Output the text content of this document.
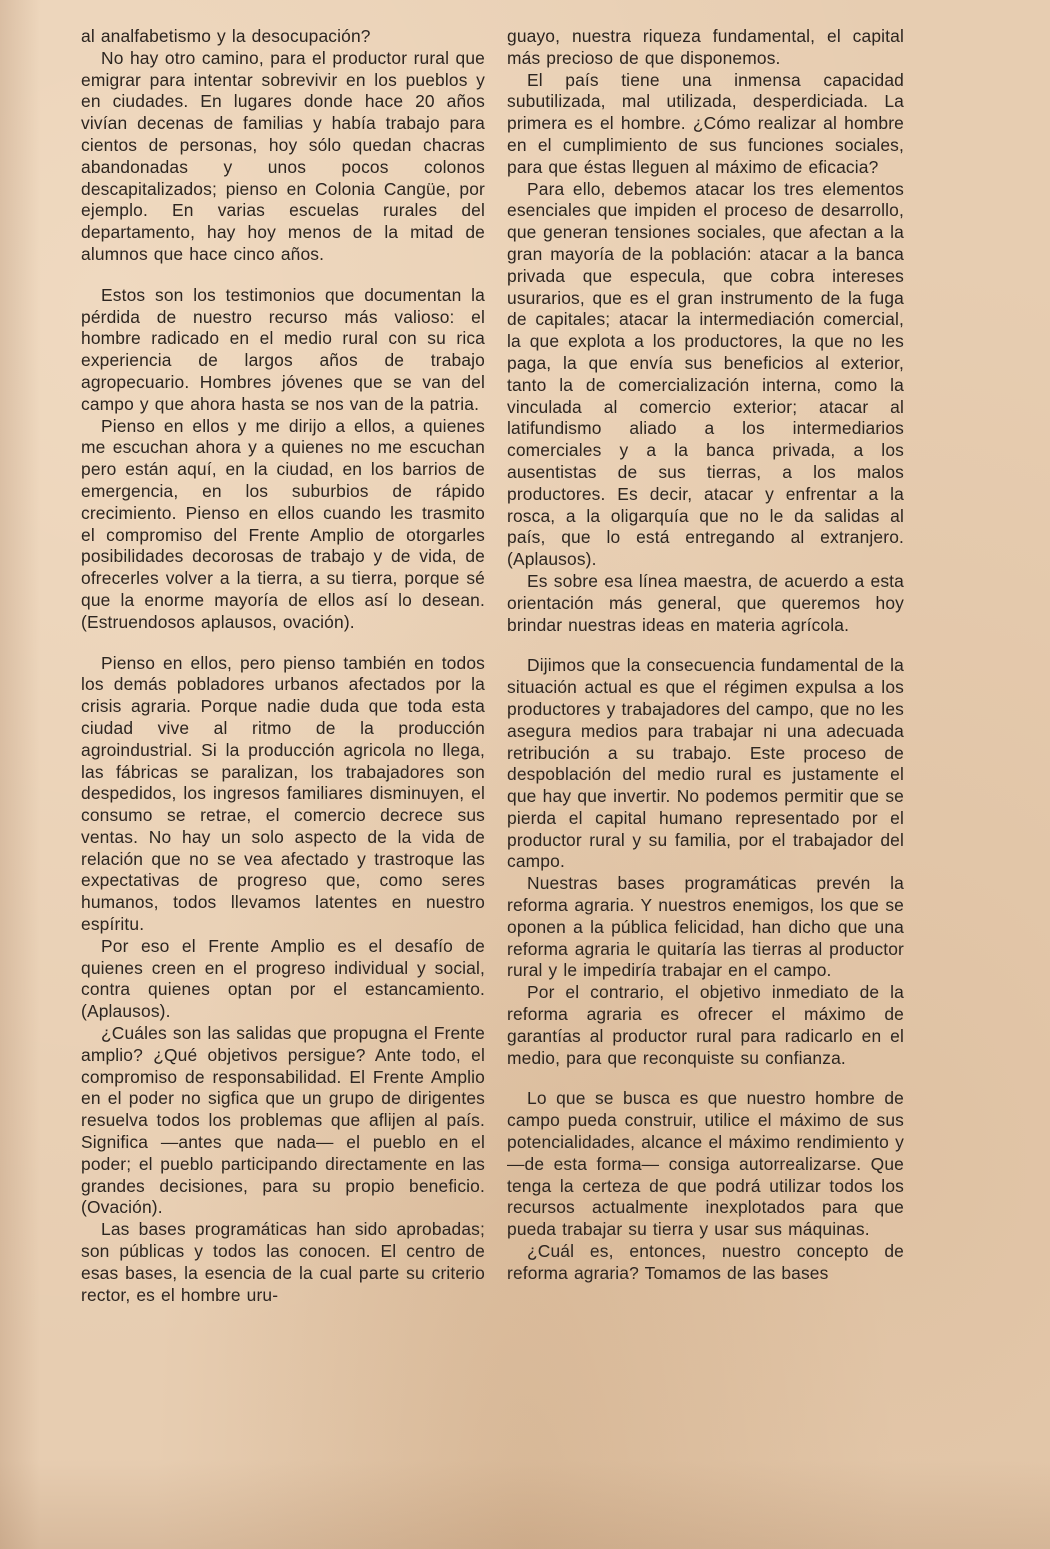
al analfabetismo y la desocupación?

No hay otro camino, para el productor rural que emigrar para intentar sobrevivir en los pueblos y en ciudades. En lugares donde hace 20 años vivían decenas de familias y había trabajo para cientos de personas, hoy sólo quedan chacras abandonadas y unos pocos colonos descapitalizados; pienso en Colonia Cangüe, por ejemplo. En varias escuelas rurales del departamento, hay hoy menos de la mitad de alumnos que hace cinco años.

Estos son los testimonios que documentan la pérdida de nuestro recurso más valioso: el hombre radicado en el medio rural con su rica experiencia de largos años de trabajo agropecuario. Hombres jóvenes que se van del campo y que ahora hasta se nos van de la patria.

Pienso en ellos y me dirijo a ellos, a quienes me escuchan ahora y a quienes no me escuchan pero están aquí, en la ciudad, en los barrios de emergencia, en los suburbios de rápido crecimiento. Pienso en ellos cuando les trasmito el compromiso del Frente Amplio de otorgarles posibilidades decorosas de trabajo y de vida, de ofrecerles volver a la tierra, a su tierra, porque sé que la enorme mayoría de ellos así lo desean. (Estruendosos aplausos, ovación).

Pienso en ellos, pero pienso también en todos los demás pobladores urbanos afectados por la crisis agraria. Porque nadie duda que toda esta ciudad vive al ritmo de la producción agroindustrial. Si la producción agricola no llega, las fábricas se paralizan, los trabajadores son despedidos, los ingresos familiares disminuyen, el consumo se retrae, el comercio decrece sus ventas. No hay un solo aspecto de la vida de relación que no se vea afectado y trastroque las expectativas de progreso que, como seres humanos, todos llevamos latentes en nuestro espíritu.

Por eso el Frente Amplio es el desafío de quienes creen en el progreso individual y social, contra quienes optan por el estancamiento. (Aplausos).

¿Cuáles son las salidas que propugna el Frente amplio? ¿Qué objetivos persigue? Ante todo, el compromiso de responsabilidad. El Frente Amplio en el poder no sigfica que un grupo de dirigentes resuelva todos los problemas que aflijen al país. Significa —antes que nada— el pueblo en el poder; el pueblo participando directamente en las grandes decisiones, para su propio beneficio. (Ovación).

Las bases programáticas han sido aprobadas; son públicas y todos las conocen. El centro de esas bases, la esencia de la cual parte su criterio rector, es el hombre uru-

guayo, nuestra riqueza fundamental, el capital más precioso de que disponemos.

El país tiene una inmensa capacidad subutilizada, mal utilizada, desperdiciada. La primera es el hombre. ¿Cómo realizar al hombre en el cumplimiento de sus funciones sociales, para que éstas lleguen al máximo de eficacia?

Para ello, debemos atacar los tres elementos esenciales que impiden el proceso de desarrollo, que generan tensiones sociales, que afectan a la gran mayoría de la población: atacar a la banca privada que especula, que cobra intereses usurarios, que es el gran instrumento de la fuga de capitales; atacar la intermediación comercial, la que explota a los productores, la que no les paga, la que envía sus beneficios al exterior, tanto la de comercialización interna, como la vinculada al comercio exterior; atacar al latifundismo aliado a los intermediarios comerciales y a la banca privada, a los ausentistas de sus tierras, a los malos productores. Es decir, atacar y enfrentar a la rosca, a la oligarquía que no le da salidas al país, que lo está entregando al extranjero. (Aplausos).

Es sobre esa línea maestra, de acuerdo a esta orientación más general, que queremos hoy brindar nuestras ideas en materia agrícola.

Dijimos que la consecuencia fundamental de la situación actual es que el régimen expulsa a los productores y trabajadores del campo, que no les asegura medios para trabajar ni una adecuada retribución a su trabajo. Este proceso de despoblación del medio rural es justamente el que hay que invertir. No podemos permitir que se pierda el capital humano representado por el productor rural y su familia, por el trabajador del campo.

Nuestras bases programáticas prevén la reforma agraria. Y nuestros enemigos, los que se oponen a la pública felicidad, han dicho que una reforma agraria le quitaría las tierras al productor rural y le impediría trabajar en el campo.

Por el contrario, el objetivo inmediato de la reforma agraria es ofrecer el máximo de garantías al productor rural para radicarlo en el medio, para que reconquiste su confianza.

Lo que se busca es que nuestro hombre de campo pueda construir, utilice el máximo de sus potencialidades, alcance el máximo rendimiento y —de esta forma— consiga autorrealizarse. Que tenga la certeza de que podrá utilizar todos los recursos actualmente inexplotados para que pueda trabajar su tierra y usar sus máquinas.

¿Cuál es, entonces, nuestro concepto de reforma agraria? Tomamos de las bases
